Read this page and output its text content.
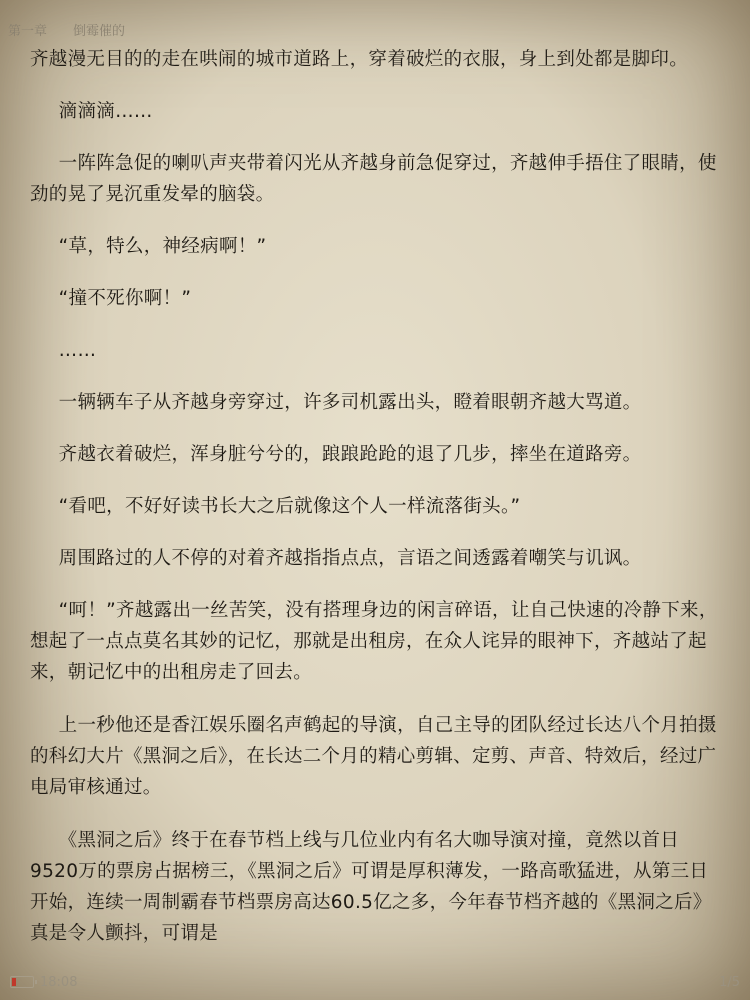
第一章 倒霉催的

齐越漫无目的的走在哄闹的城市道路上，穿着破烂的衣服，身上到处都是脚印。

滴滴滴……

一阵阵急促的喇叭声夹带着闪光从齐越身前急促穿过，齐越伸手捂住了眼睛，使劲的晃了晃沉重发晕的脑袋。

“草，特么，神经病啊！”

“撞不死你啊！”

……

一辆辆车子从齐越身旁穿过，许多司机露出头，瞪着眼朝齐越大骂道。

齐越衣着破烂，浑身脏兮兮的，踉踉跄跄的退了几步，摔坐在道路旁。

“看吧，不好好读书长大之后就像这个人一样流落街头。”

周围路过的人不停的对着齐越指指点点，言语之间透露着嘲笑与讥讽。

“呵！”齐越露出一丝苦笑，没有搭理身边的闲言碎语，让自己快速的冷静下来，想起了一点点莫名其妙的记忆，那就是出租房，在众人诧异的眼神下，齐越站了起来，朝记忆中的出租房走了回去。

上一秒他还是香江娱乐圈名声鹤起的导演，自己主导的团队经过长达八个月拍摄的科幻大片《黑洞之后》，在长达二个月的精心剪辑、定剪、声音、特效后，经过广电局审核通过。

《黑洞之后》终于在春节档上线与几位业内有名大咖导演对撞，竟然以首日9520万的票房占据榜三，《黑洞之后》可谓是厚积薄发，一路高歌猛进，从第三日开始，连续一周制霸春节档票房高达60.5亿之多，今年春节档齐越的《黑洞之后》真是令人颤抖，可谓是

18:08	1/5
